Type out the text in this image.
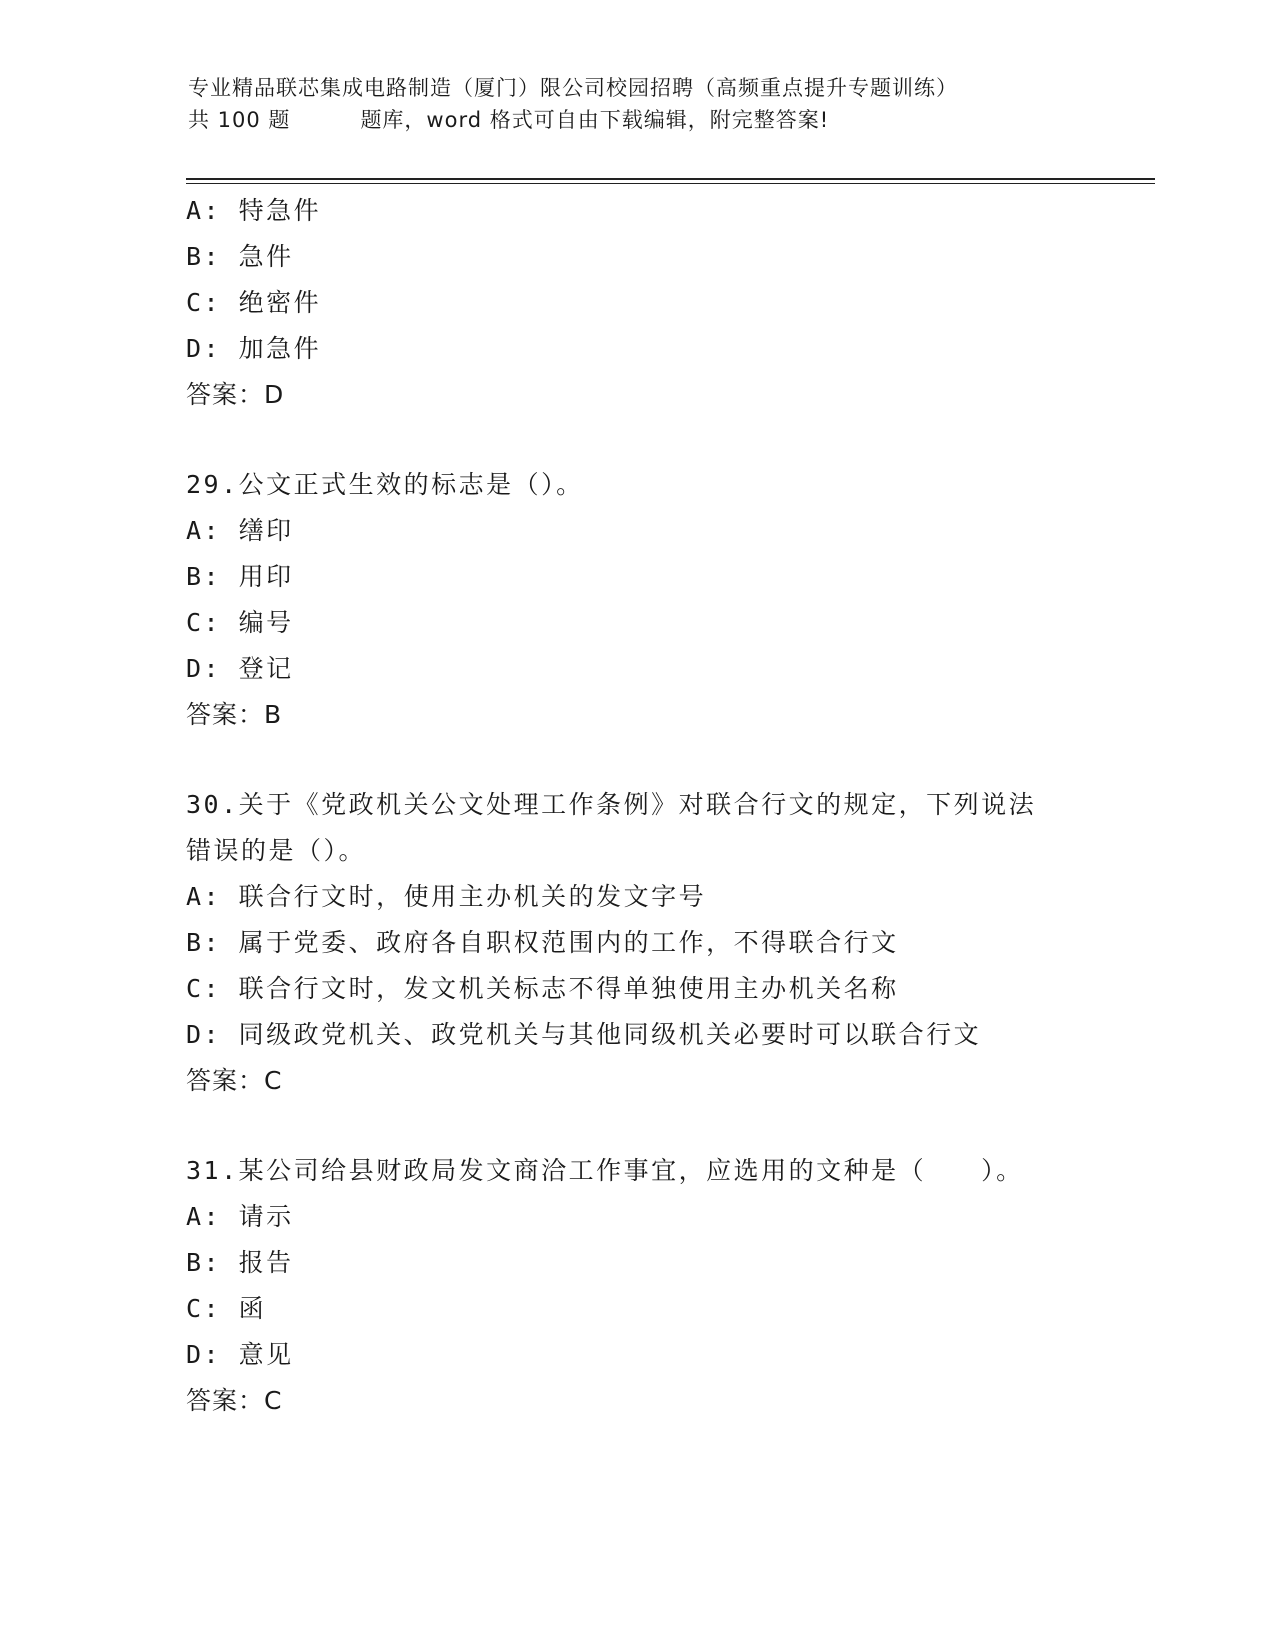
专业精品联芯集成电路制造（厦门）限公司校园招聘（高频重点提升专题训练）
共 100 题	题库，word 格式可自由下载编辑，附完整答案!
A: 特急件
B: 急件
C: 绝密件
D: 加急件
答案：D
29.公文正式生效的标志是（）。
A: 缮印
B: 用印
C: 编号
D: 登记
答案：B
30.关于《党政机关公文处理工作条例》对联合行文的规定，下列说法
错误的是（）。
A: 联合行文时，使用主办机关的发文字号
B: 属于党委、政府各自职权范围内的工作，不得联合行文
C: 联合行文时，发文机关标志不得单独使用主办机关名称
D: 同级政党机关、政党机关与其他同级机关必要时可以联合行文
答案：C
31.某公司给县财政局发文商洽工作事宜，应选用的文种是（　　）。
A: 请示
B: 报告
C: 函
D: 意见
答案：C
